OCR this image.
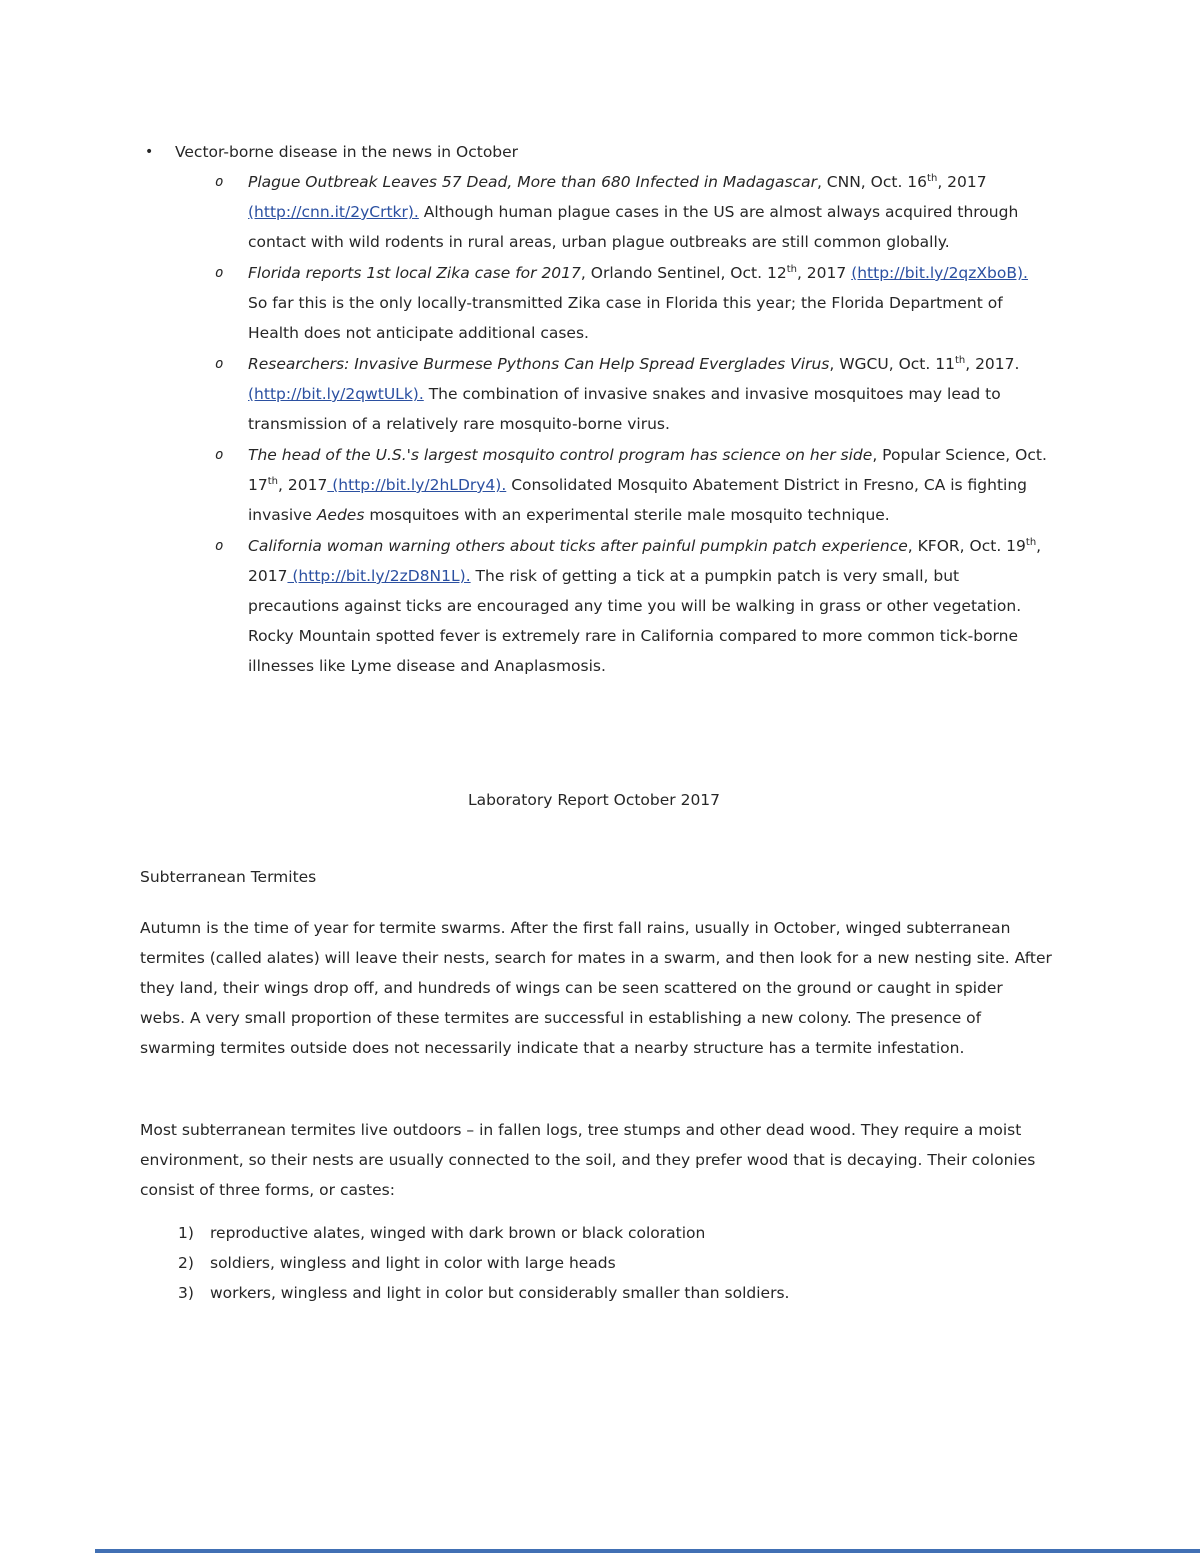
• Vector-borne disease in the news in October
o Plague Outbreak Leaves 57 Dead, More than 680 Infected in Madagascar, CNN, Oct. 16th, 2017 (http://cnn.it/2yCrtkr). Although human plague cases in the US are almost always acquired through contact with wild rodents in rural areas, urban plague outbreaks are still common globally.
o Florida reports 1st local Zika case for 2017, Orlando Sentinel, Oct. 12th, 2017 (http://bit.ly/2qzXboB). So far this is the only locally-transmitted Zika case in Florida this year; the Florida Department of Health does not anticipate additional cases.
o Researchers: Invasive Burmese Pythons Can Help Spread Everglades Virus, WGCU, Oct. 11th, 2017. (http://bit.ly/2qwtULk). The combination of invasive snakes and invasive mosquitoes may lead to transmission of a relatively rare mosquito-borne virus.
o The head of the U.S.'s largest mosquito control program has science on her side, Popular Science, Oct. 17th, 2017 (http://bit.ly/2hLDry4). Consolidated Mosquito Abatement District in Fresno, CA is fighting invasive Aedes mosquitoes with an experimental sterile male mosquito technique.
o California woman warning others about ticks after painful pumpkin patch experience, KFOR, Oct. 19th, 2017 (http://bit.ly/2zD8N1L). The risk of getting a tick at a pumpkin patch is very small, but precautions against ticks are encouraged any time you will be walking in grass or other vegetation. Rocky Mountain spotted fever is extremely rare in California compared to more common tick-borne illnesses like Lyme disease and Anaplasmosis.
Laboratory Report October 2017
Subterranean Termites
Autumn is the time of year for termite swarms. After the first fall rains, usually in October, winged subterranean termites (called alates) will leave their nests, search for mates in a swarm, and then look for a new nesting site. After they land, their wings drop off, and hundreds of wings can be seen scattered on the ground or caught in spider webs. A very small proportion of these termites are successful in establishing a new colony. The presence of swarming termites outside does not necessarily indicate that a nearby structure has a termite infestation.
Most subterranean termites live outdoors – in fallen logs, tree stumps and other dead wood. They require a moist environment, so their nests are usually connected to the soil, and they prefer wood that is decaying. Their colonies consist of three forms, or castes:
1) reproductive alates, winged with dark brown or black coloration
2) soldiers, wingless and light in color with large heads
3) workers, wingless and light in color but considerably smaller than soldiers.
